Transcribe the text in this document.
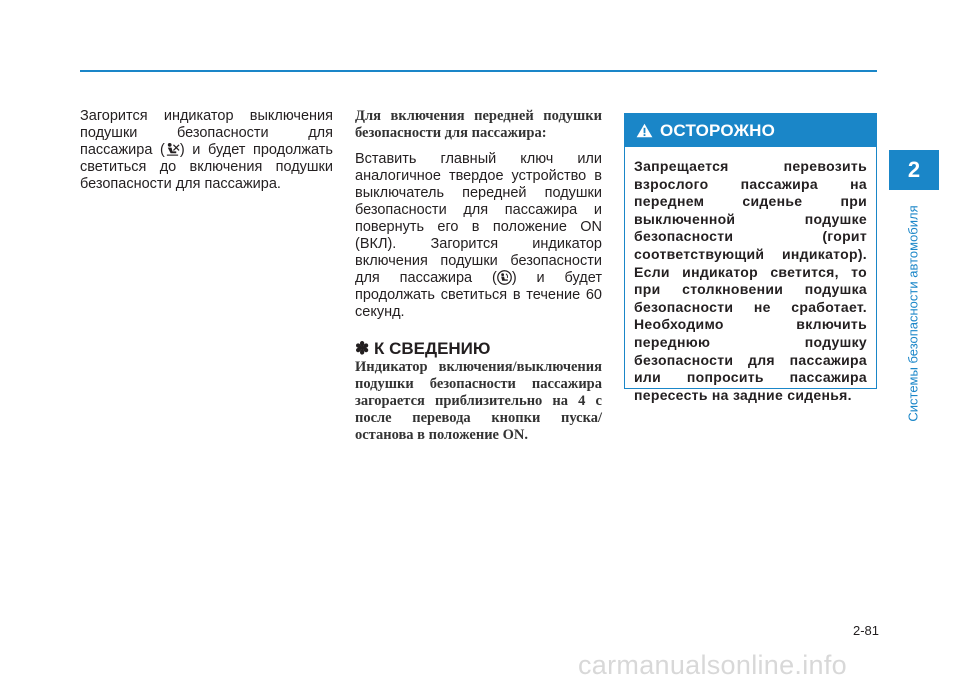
Загорится индикатор выключения подушки безопасности для пассажира ( ) и будет продолжать светиться до включения подушки безопасности для пассажира.

Для включения передней подушки безопасности для пассажира:

Вставить главный ключ или аналогичное твердое устройство в выключатель передней подушки безопасности для пассажира и повернуть его в положение ON (ВКЛ). Загорится индикатор включения подушки безопасности для пассажира ( ) и будет продолжать светиться в течение 60 секунд.

✽ К СВЕДЕНИЮ

Индикатор включения/выключения подушки безопасности пассажира загорается приблизительно на 4 с после перевода кнопки пуска/останова в положение ON.

ОСТОРОЖНО

Запрещается перевозить взрослого пассажира на переднем сиденье при выключенной подушке безопасности (горит соответствующий индикатор). Если индикатор светится, то при столкновении подушка безопасности не сработает. Необходимо включить переднюю подушку безопасности для пассажира или попросить пассажира пересесть на задние сиденья.

2
Системы безопасности автомобиля
2-81
carmanualsonline.info
